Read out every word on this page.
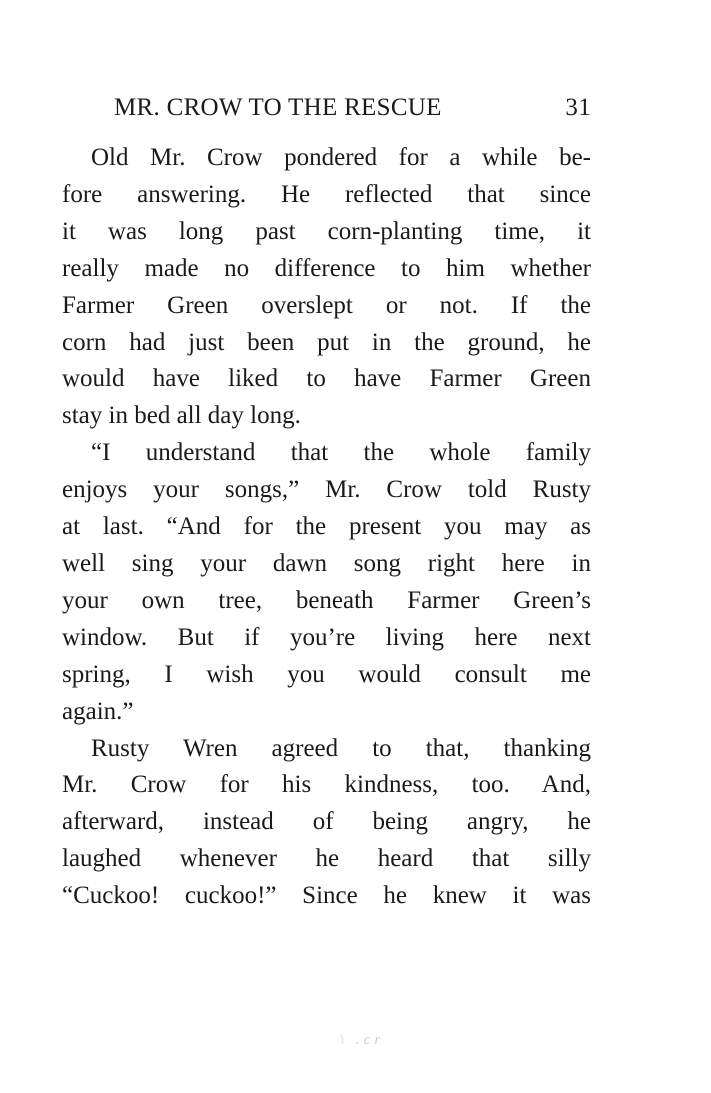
MR. CROW TO THE RESCUE	31

Old Mr. Crow pondered for a while be-
fore answering. He reflected that since
it was long past corn-planting time, it
really made no difference to him whether
Farmer Green overslept or not. If the
corn had just been put in the ground, he
would have liked to have Farmer Green
stay in bed all day long.

“I understand that the whole family
enjoys your songs,” Mr. Crow told Rusty
at last. “And for the present you may as
well sing your dawn song right here in
your own tree, beneath Farmer Green’s
window. But if you’re living here next
spring, I wish you would consult me
again.”

Rusty Wren agreed to that, thanking
Mr. Crow for his kindness, too. And,
afterward, instead of being angry, he
laughed whenever he heard that silly
“Cuckoo! cuckoo!” Since he knew it was

\ .cr
